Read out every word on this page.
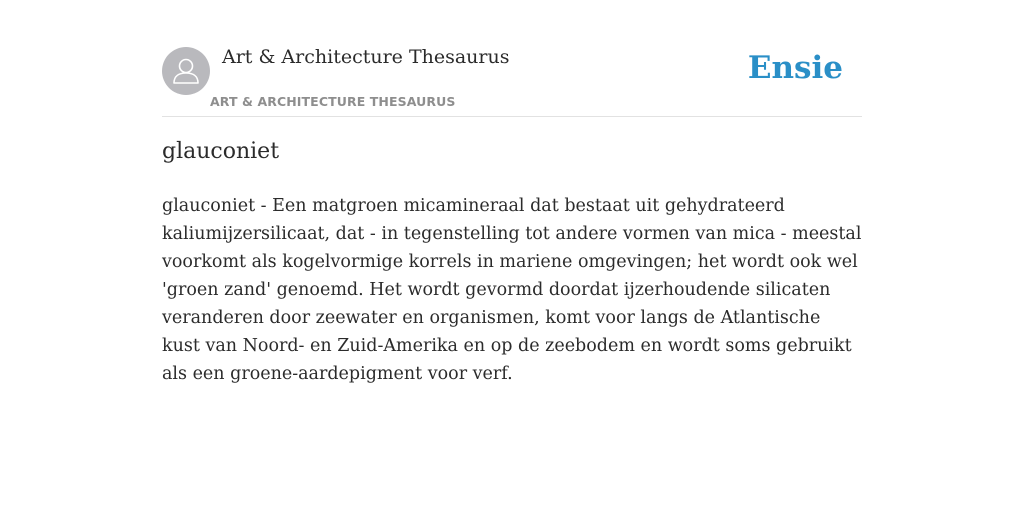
Art & Architecture Thesaurus
ART & ARCHITECTURE THESAURUS
Ensie
glauconiet

glauconiet - Een matgroen micamineraal dat bestaat uit gehydrateerd kaliumijzersilicaat, dat - in tegenstelling tot andere vormen van mica - meestal voorkomt als kogelvormige korrels in mariene omgevingen; het wordt ook wel 'groen zand' genoemd. Het wordt gevormd doordat ijzerhoudende silicaten veranderen door zeewater en organismen, komt voor langs de Atlantische kust van Noord- en Zuid-Amerika en op de zeebodem en wordt soms gebruikt als een groene-aardepigment voor verf.
